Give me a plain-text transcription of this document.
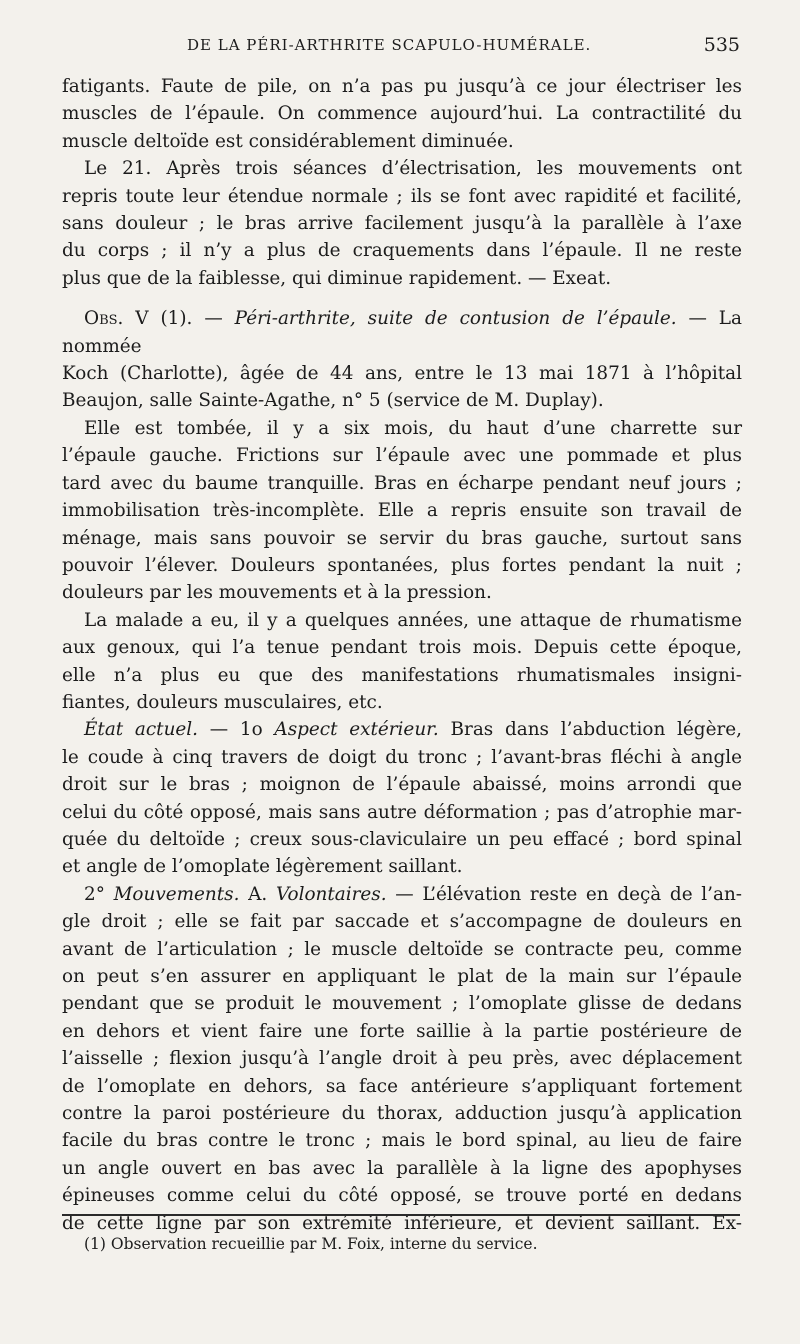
DE LA PÉRI-ARTHRITE SCAPULO-HUMÉRALE.	535

fatigants. Faute de pile, on n’a pas pu jusqu’à ce jour électriser les
muscles de l’épaule. On commence aujourd’hui. La contractilité du
muscle deltoïde est considérablement diminuée.

Le 21. Après trois séances d’électrisation, les mouvements ont
repris toute leur étendue normale ; ils se font avec rapidité et facilité,
sans douleur ; le bras arrive facilement jusqu’à la parallèle à l’axe
du corps ; il n’y a plus de craquements dans l’épaule. Il ne reste
plus que de la faiblesse, qui diminue rapidement. — Exeat.

Obs. V (1). — Péri-arthrite, suite de contusion de l’épaule. — La nommée
Koch (Charlotte), âgée de 44 ans, entre le 13 mai 1871 à l’hôpital
Beaujon, salle Sainte-Agathe, n° 5 (service de M. Duplay).

Elle est tombée, il y a six mois, du haut d’une charrette sur
l’épaule gauche. Frictions sur l’épaule avec une pommade et plus
tard avec du baume tranquille. Bras en écharpe pendant neuf jours ;
immobilisation très-incomplète. Elle a repris ensuite son travail de
ménage, mais sans pouvoir se servir du bras gauche, surtout sans
pouvoir l’élever. Douleurs spontanées, plus fortes pendant la nuit ;
douleurs par les mouvements et à la pression.

La malade a eu, il y a quelques années, une attaque de rhumatisme
aux genoux, qui l’a tenue pendant trois mois. Depuis cette époque,
elle n’a plus eu que des manifestations rhumatismales insigni-
fiantes, douleurs musculaires, etc.

État actuel. — 1o Aspect extérieur. Bras dans l’abduction légère,
le coude à cinq travers de doigt du tronc ; l’avant-bras fléchi à angle
droit sur le bras ; moignon de l’épaule abaissé, moins arrondi que
celui du côté opposé, mais sans autre déformation ; pas d’atrophie mar-
quée du deltoïde ; creux sous-claviculaire un peu effacé ; bord spinal
et angle de l’omoplate légèrement saillant.

2° Mouvements. A. Volontaires. — L’élévation reste en deçà de l’an-
gle droit ; elle se fait par saccade et s’accompagne de douleurs en
avant de l’articulation ; le muscle deltoïde se contracte peu, comme
on peut s’en assurer en appliquant le plat de la main sur l’épaule
pendant que se produit le mouvement ; l’omoplate glisse de dedans
en dehors et vient faire une forte saillie à la partie postérieure de
l’aisselle ; flexion jusqu’à l’angle droit à peu près, avec déplacement
de l’omoplate en dehors, sa face antérieure s’appliquant fortement
contre la paroi postérieure du thorax, adduction jusqu’à application
facile du bras contre le tronc ; mais le bord spinal, au lieu de faire
un angle ouvert en bas avec la parallèle à la ligne des apophyses
épineuses comme celui du côté opposé, se trouve porté en dedans
de cette ligne par son extrémité inférieure, et devient saillant. Ex-

(1) Observation recueillie par M. Foix, interne du service.
